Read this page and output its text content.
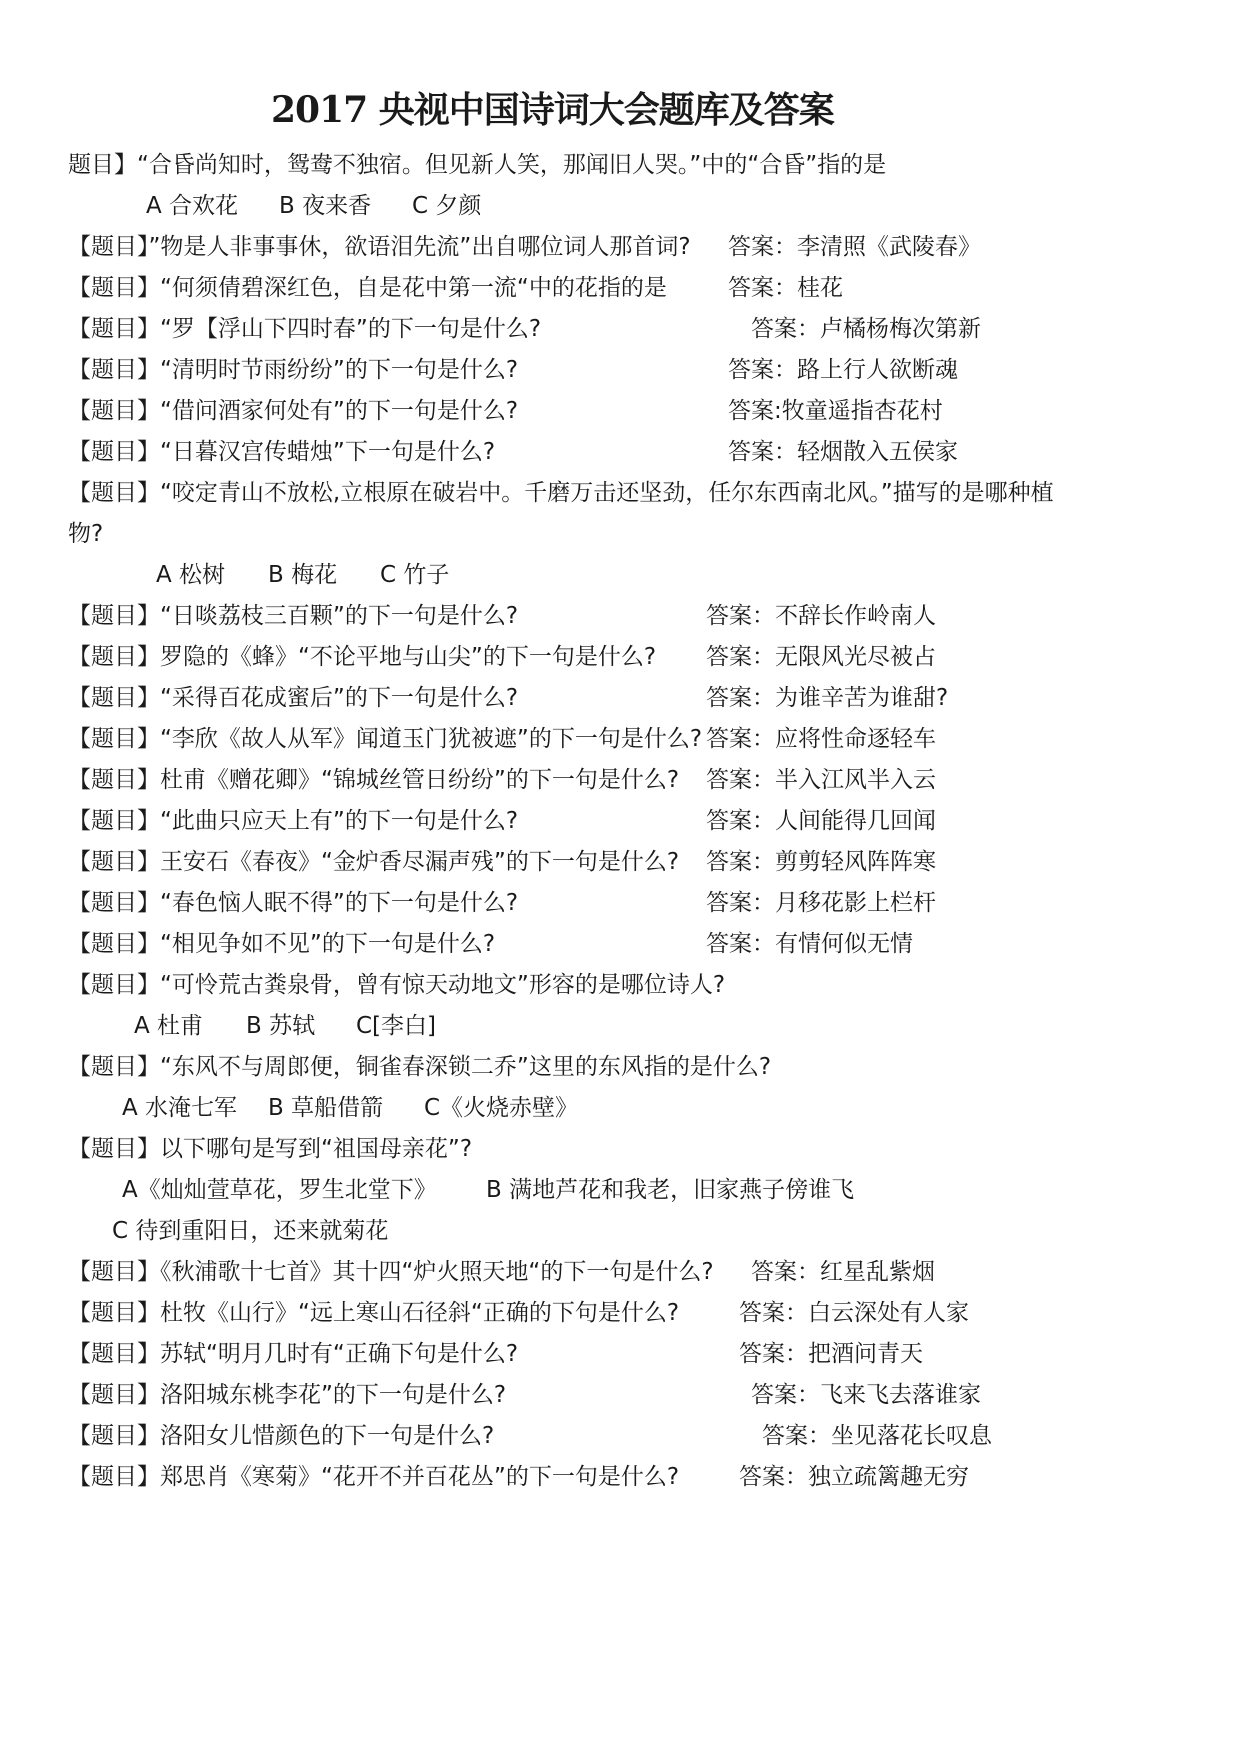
2017 央视中国诗词大会题库及答案
题目】“合昏尚知时，鸳鸯不独宿。但见新人笑，那闻旧人哭。”中的“合昏”指的是
A 合欢花 B 夜来香 C 夕颜
【题目】”物是人非事事休，欲语泪先流”出自哪位词人那首词? 答案：李清照《武陵春》
【题目】“何须倩碧深红色，自是花中第一流“中的花指的是	答案：桂花
【题目】“罗【浮山下四时春”的下一句是什么?	答案：卢橘杨梅次第新
【题目】“清明时节雨纷纷”的下一句是什么?	答案：路上行人欲断魂
【题目】“借问酒家何处有”的下一句是什么?	答案:牧童遥指杏花村
【题目】“日暮汉宫传蜡烛”下一句是什么?	答案：轻烟散入五侯家
【题目】“咬定青山不放松,立根原在破岩中。千磨万击还坚劲，任尔东西南北风。”描写的是哪种植
物?
A 松树 B 梅花 C 竹子
【题目】“日啖荔枝三百颗”的下一句是什么?	答案：不辞长作岭南人
【题目】罗隐的《蜂》“不论平地与山尖”的下一句是什么? 答案：无限风光尽被占
【题目】“采得百花成蜜后”的下一句是什么?	答案：为谁辛苦为谁甜?
【题目】“李欣《故人从军》闻道玉门犹被遮”的下一句是什么? 答案：应将性命逐轻车
【题目】杜甫《赠花卿》“锦城丝管日纷纷”的下一句是什么? 答案：半入江风半入云
【题目】“此曲只应天上有”的下一句是什么?	答案：人间能得几回闻
【题目】王安石《春夜》“金炉香尽漏声残”的下一句是什么? 答案：剪剪轻风阵阵寒
【题目】“春色恼人眠不得”的下一句是什么?	答案：月移花影上栏杆
【题目】“相见争如不见”的下一句是什么?	答案：有情何似无情
【题目】“可怜荒古粪泉骨，曾有惊天动地文”形容的是哪位诗人?
A 杜甫 B 苏轼 C[李白]
【题目】“东风不与周郎便，铜雀春深锁二乔”这里的东风指的是什么?
A 水淹七军 B 草船借箭 C《火烧赤壁》
【题目】以下哪句是写到“祖国母亲花”?
A《灿灿萱草花，罗生北堂下》 B 满地芦花和我老，旧家燕子傍谁飞
C 待到重阳日，还来就菊花
【题目】《秋浦歌十七首》其十四“炉火照天地“的下一句是什么? 答案：红星乱紫烟
【题目】杜牧《山行》“远上寒山石径斜“正确的下句是什么?	答案：白云深处有人家
【题目】苏轼“明月几时有“正确下句是什么?	答案：把酒问青天
【题目】洛阳城东桃李花”的下一句是什么?	答案：飞来飞去落谁家
【题目】洛阳女儿惜颜色的下一句是什么?	答案：坐见落花长叹息
【题目】郑思肖《寒菊》“花开不并百花丛”的下一句是什么?	答案：独立疏篱趣无穷
